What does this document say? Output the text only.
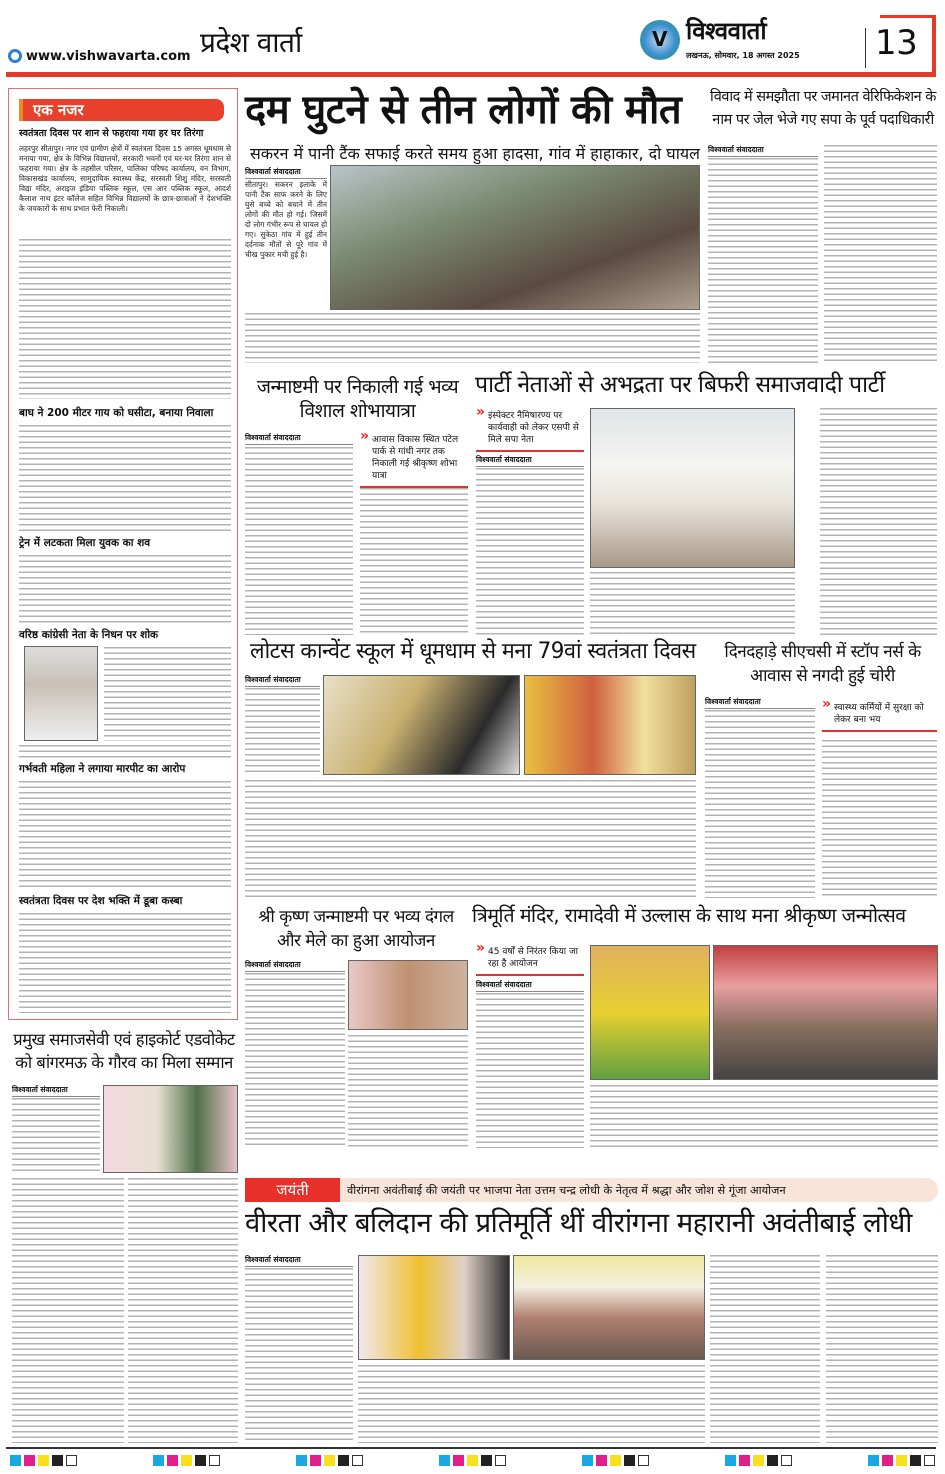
www.vishwavarta.com प्रदेश वार्ता	V विश्ववार्ता
लखनऊ, सोमवार, 18 अगस्त 2025 13
एक नजर
स्वतंत्रता दिवस पर शान से फहराया गया हर घर तिरंगा
लहरपुर सीतापुर। नगर एवं ग्रामीण क्षेत्रों में स्वतंत्रता दिवस 15 अगस्त धूमधाम से मनाया गया, क्षेत्र के विभिन्न विद्यालयों, सरकारी भवनों एवं घर-घर तिरंगा शान से फहराया गया। क्षेत्र के तहसील परिसर, पालिका परिषद कार्यालय, वन विभाग, विकासखंड कार्यालय, सामुदायिक स्वास्थ्य केंद्र, सरस्वती शिशु मंदिर, सरस्वती विद्या मंदिर, अराइज इंडिया पब्लिक स्कूल, एस आर पब्लिक स्कूल, आदर्श कैलाश नाथ इंटर कॉलेज सहित विभिन्न विद्यालयों के छात्र-छात्राओं ने देशभक्ति के जयकारों के साथ प्रभात फेरी निकाली।
बाघ ने 200 मीटर गाय को घसीटा, बनाया निवाला
ट्रेन में लटकता मिला युवक का शव
वरिष्ठ कांग्रेसी नेता के निधन पर शोक
गर्भवती महिला ने लगाया मारपीट का आरोप
स्वतंत्रता दिवस पर देश भक्ति में डूबा कस्बा
दम घुटने से तीन लोगों की मौत
सकरन में पानी टैंक सफाई करते समय हुआ हादसा, गांव में हाहाकार, दो घायल
विश्ववार्ता संवाददाता
सीतापुर। सकरन इलाके में पानी टैंक साफ करने के लिए घुसे बच्चे को बचाने में तीन लोगों की मौत हो गई। जिसमें दो लोग गंभीर रूप से घायल हो गए। सुकेठा गांव में हुई तीन दर्दनाक मौतों से पूरे गांव में चीख पुकार मची हुई है।
विवाद में समझौता पर जमानत वेरिफिकेशन के नाम पर जेल भेजे गए सपा के पूर्व पदाधिकारी
विश्ववार्ता संवाददाता
जन्माष्टमी पर निकाली गई भव्य विशाल शोभायात्रा
विश्ववार्ता संवाददाता	» आवास विकास स्थित पटेल पार्क से गांधी नगर तक निकाली गई श्रीकृष्ण शोभा यात्रा
पार्टी नेताओं से अभद्रता पर बिफरी समाजवादी पार्टी
» इंस्पेक्टर नैमिषारण्य पर कार्यवाही को लेकर एसपी से मिले सपा नेता
विश्ववार्ता संवाददाता
लोटस कान्वेंट स्कूल में धूमधाम से मना 79वां स्वतंत्रता दिवस
विश्ववार्ता संवाददाता
दिनदहाड़े सीएचसी में स्टॉप नर्स के आवास से नगदी हुई चोरी
विश्ववार्ता संवाददाता
» स्वास्थ्य कर्मियों में सुरक्षा को लेकर बना भय
श्री कृष्ण जन्माष्टमी पर भव्य दंगल और मेले का हुआ आयोजन
विश्ववार्ता संवाददाता
त्रिमूर्ति मंदिर, रामादेवी में उल्लास के साथ मना श्रीकृष्ण जन्मोत्सव
» 45 वर्षों से निरंतर किया जा रहा है आयोजन
विश्ववार्ता संवाददाता
प्रमुख समाजसेवी एवं हाइकोर्ट एडवोकेट को बांगरमऊ के गौरव का मिला सम्मान
विश्ववार्ता संवाददाता
जयंती	वीरांगना अवंतीबाई की जयंती पर भाजपा नेता उत्तम चन्द्र लोधी के नेतृत्व में श्रद्धा और जोश से गूंजा आयोजन
वीरता और बलिदान की प्रतिमूर्ति थीं वीरांगना महारानी अवंतीबाई लोधी
विश्ववार्ता संवाददाता
